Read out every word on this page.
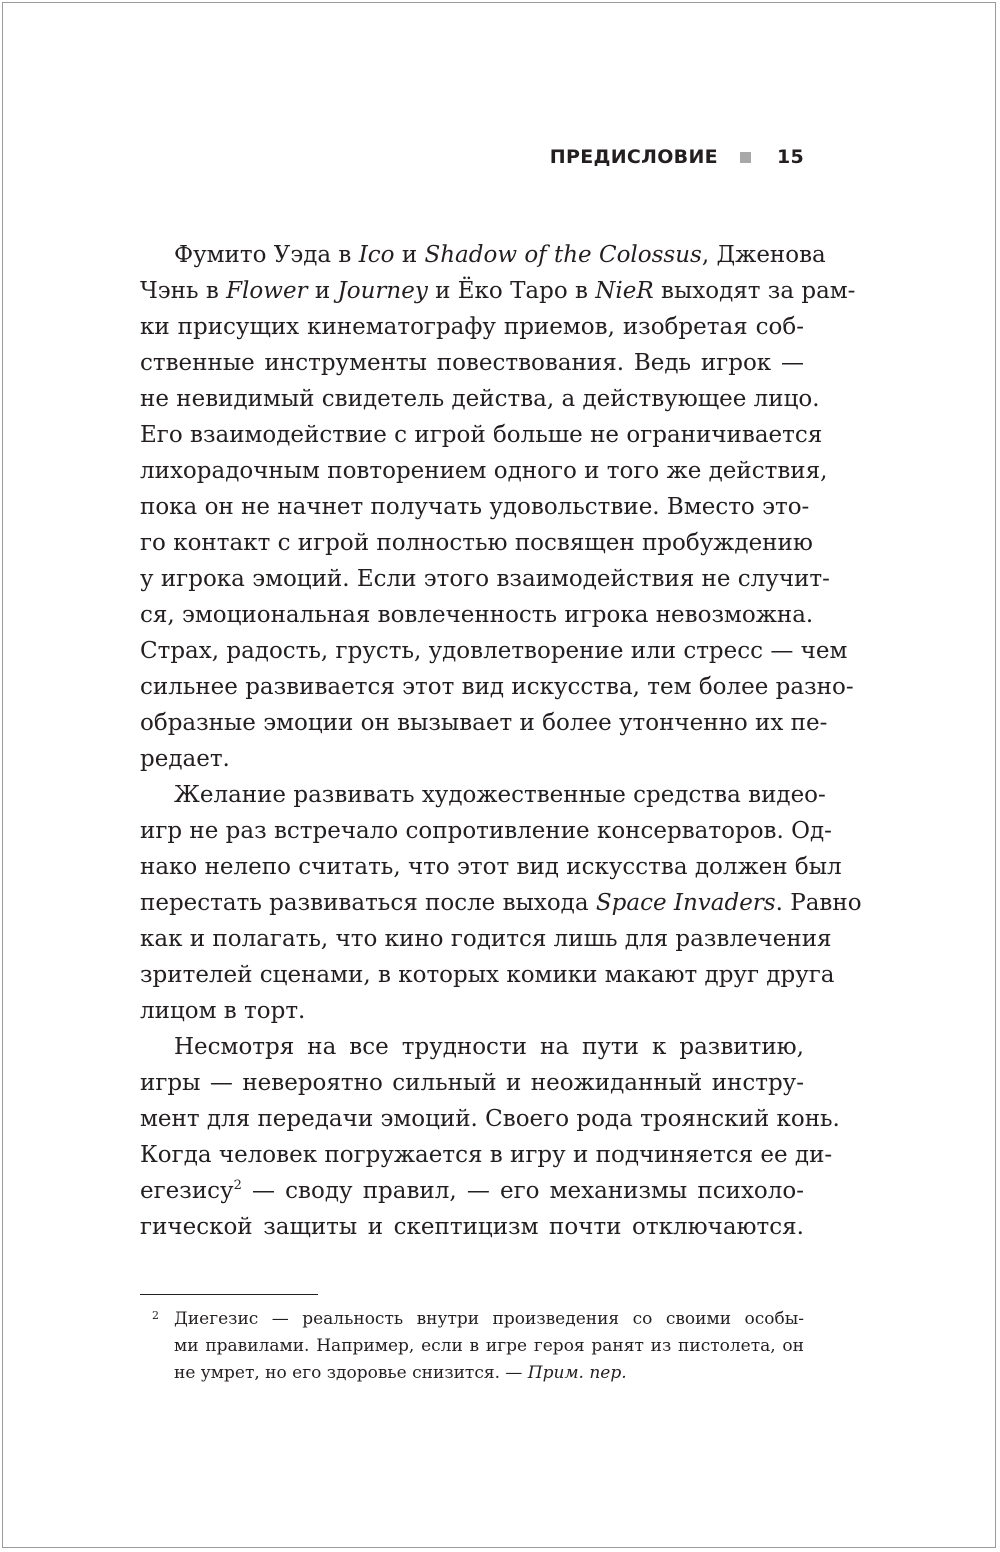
ПРЕДИСЛОВИЕ	15
Фумито Уэда в Ico и Shadow of the Colossus, Дженова
Чэнь в Flower и Journey и Ёко Таро в NieR выходят за рам-
ки присущих кинематографу приемов, изобретая соб-
ственные инструменты повествования. Ведь игрок —
не невидимый свидетель действа, а действующее лицо.
Его взаимодействие с игрой больше не ограничивается
лихорадочным повторением одного и того же действия,
пока он не начнет получать удовольствие. Вместо это-
го контакт с игрой полностью посвящен пробуждению
у игрока эмоций. Если этого взаимодействия не случит-
ся, эмоциональная вовлеченность игрока невозможна.
Страх, радость, грусть, удовлетворение или стресс — чем
сильнее развивается этот вид искусства, тем более разно-
образные эмоции он вызывает и более утонченно их пе-
редает.
Желание развивать художественные средства видео-
игр не раз встречало сопротивление консерваторов. Од-
нако нелепо считать, что этот вид искусства должен был
перестать развиваться после выхода Space Invaders. Равно
как и полагать, что кино годится лишь для развлечения
зрителей сценами, в которых комики макают друг друга
лицом в торт.
Несмотря на все трудности на пути к развитию,
игры — невероятно сильный и неожиданный инстру-
мент для передачи эмоций. Своего рода троянский конь.
Когда человек погружается в игру и подчиняется ее ди-
егезису$^2$ — своду правил, — его механизмы психоло-
гической защиты и скептицизм почти отключаются.
2 Диегезис — реальность внутри произведения со своими особы-
ми правилами. Например, если в игре героя ранят из пистолета, он
не умрет, но его здоровье снизится. — Прим. пер.
